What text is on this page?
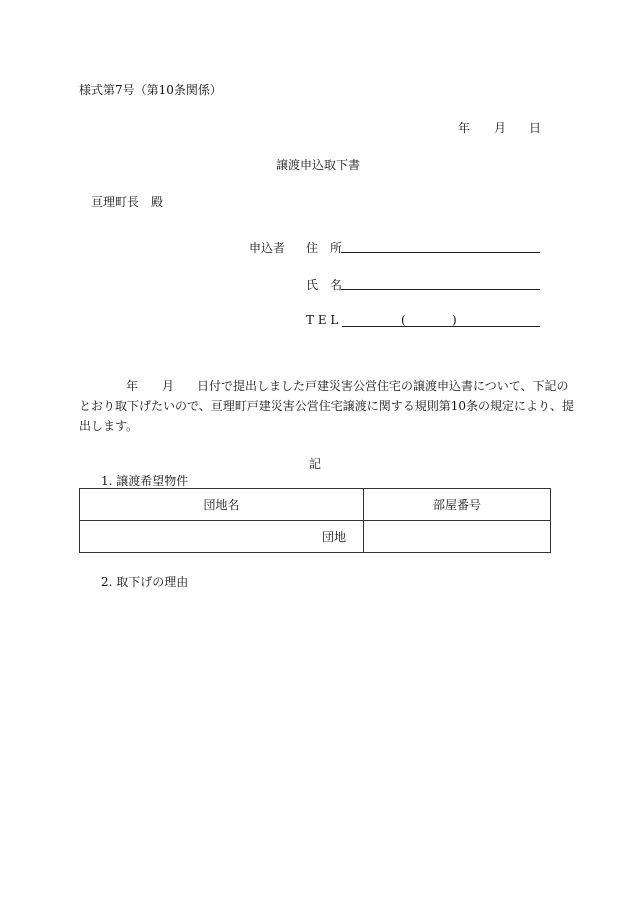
様式第7号（第10条関係）
年 月 日
譲渡申込取下書
亘理町長　殿
申込者 住　所
氏　名
T E L	(	)
年 月 日付で提出しました戸建災害公営住宅の譲渡申込書について、下記の
とおり取下げたいので、亘理町戸建災害公営住宅譲渡に関する規則第10条の規定により、提
出します。
記
1. 譲渡希望物件
団地名	部屋番号
団地	
2. 取下げの理由
